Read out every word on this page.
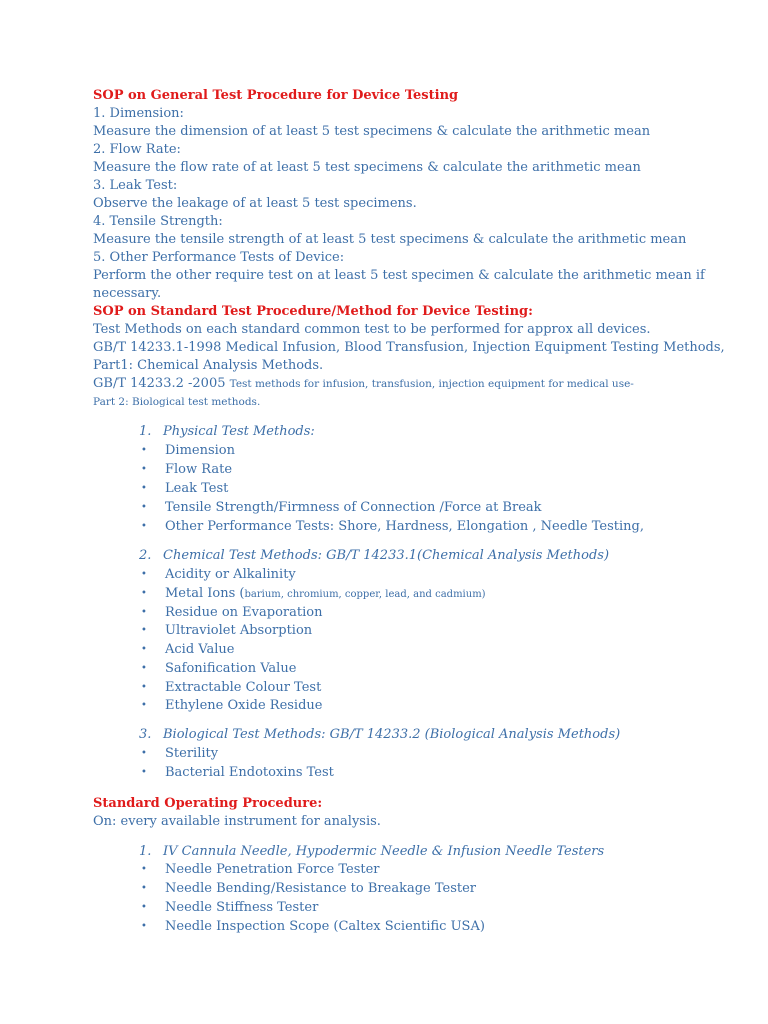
SOP on General Test Procedure for Device Testing
1. Dimension:
Measure the dimension of at least 5 test specimens & calculate the arithmetic mean
2. Flow Rate:
Measure the flow rate of at least 5 test specimens & calculate the arithmetic mean
3. Leak Test:
Observe the leakage of at least 5 test specimens.
4. Tensile Strength:
Measure the tensile strength of at least 5 test specimens & calculate the arithmetic mean
5. Other Performance Tests of Device:
Perform the other require test on at least 5 test specimen & calculate the arithmetic mean if
necessary.
SOP on Standard Test Procedure/Method for Device Testing:
Test Methods on each standard common test to be performed for approx all devices.
GB/T 14233.1-1998 Medical Infusion, Blood Transfusion, Injection Equipment Testing Methods,
Part1: Chemical Analysis Methods.
GB/T 14233.2 -2005 Test methods for infusion, transfusion, injection equipment for medical use-
Part 2: Biological test methods.
1. Physical Test Methods:
• Dimension
• Flow Rate
• Leak Test
• Tensile Strength/Firmness of Connection /Force at Break
• Other Performance Tests: Shore, Hardness, Elongation , Needle Testing,
2. Chemical Test Methods: GB/T 14233.1(Chemical Analysis Methods)
• Acidity or Alkalinity
• Metal Ions (barium, chromium, copper, lead, and cadmium)
• Residue on Evaporation
• Ultraviolet Absorption
• Acid Value
• Safonification Value
• Extractable Colour Test
• Ethylene Oxide Residue
3. Biological Test Methods: GB/T 14233.2 (Biological Analysis Methods)
• Sterility
• Bacterial Endotoxins Test
Standard Operating Procedure:
On: every available instrument for analysis.
1. IV Cannula Needle, Hypodermic Needle & Infusion Needle Testers
• Needle Penetration Force Tester
• Needle Bending/Resistance to Breakage Tester
• Needle Stiffness Tester
• Needle Inspection Scope (Caltex Scientific USA)
